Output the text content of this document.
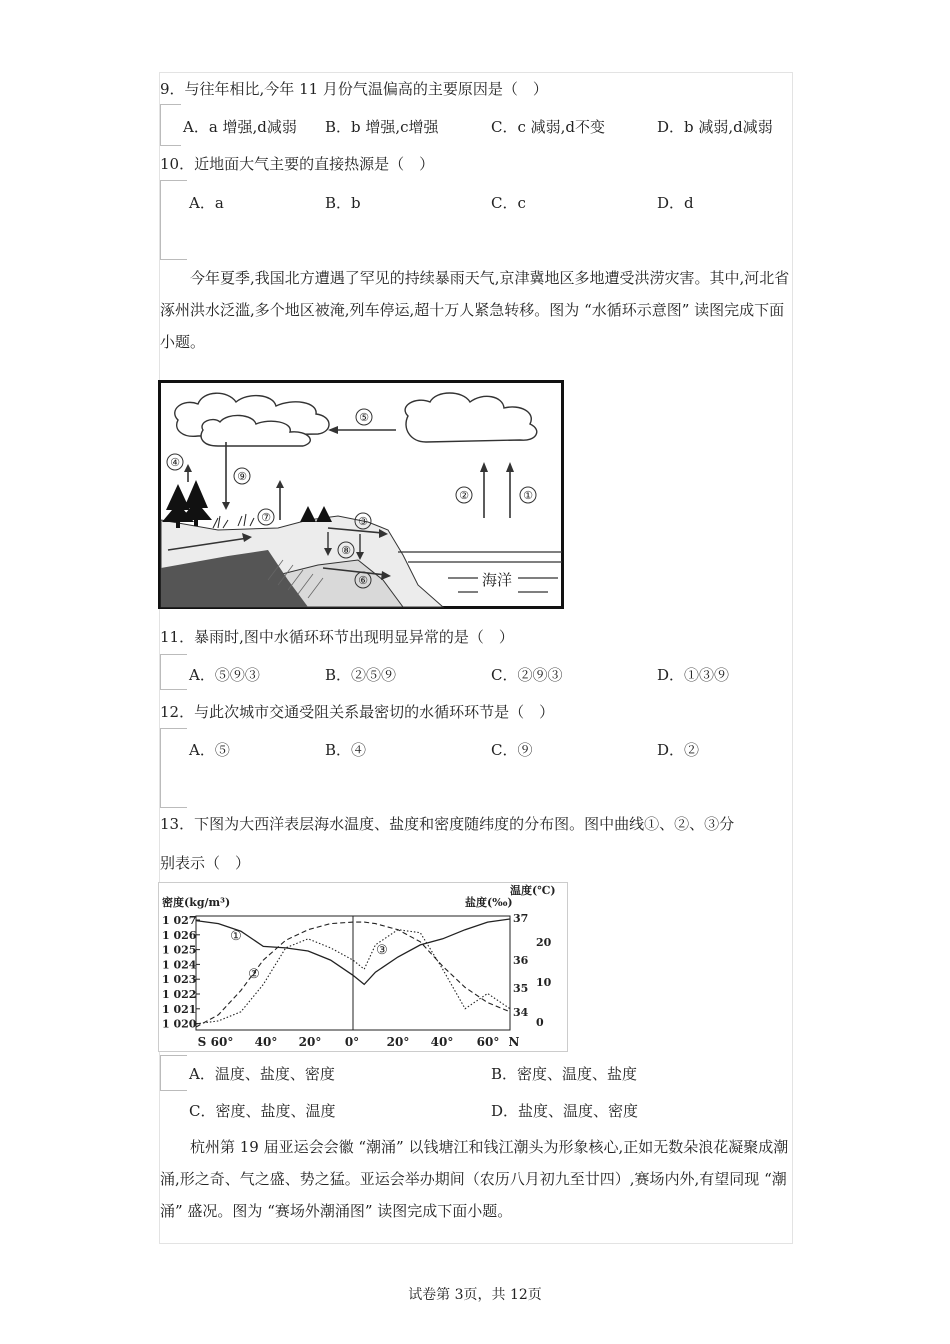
9．与往年相比,今年 11 月份气温偏高的主要原因是（　）
A．a 增强,d减弱 B．b 增强,c增强	C．c 减弱,d不变	D．b 减弱,d减弱
10．近地面大气主要的直接热源是（　）
A．a	B．b	C．c	D．d
今年夏季,我国北方遭遇了罕见的持续暴雨天气,京津冀地区多地遭受洪涝灾害。其中,河北省涿州洪水泛滥,多个地区被淹,列车停运,超十万人紧急转移。图为 “水循环示意图” 读图完成下面小题。
⑤
④
⑨
⑦
②	①
海洋
③
⑧
⑥
11．暴雨时,图中水循环环节出现明显异常的是（　）
A．⑤⑨③	B．②⑤⑨	C．②⑨③	D．①③⑨
12．与此次城市交通受阻关系最密切的水循环环节是（　）
A．⑤	B．④	C．⑨	D．②
13．下图为大西洋表层海水温度、盐度和密度随纬度的分布图。图中曲线①、②、③分
别表示（　）
密度(kg/m³)	盐度(‰)
温度(℃)
1 027
1 026
1 025
1 024
1 023
1 022
1 021
1 020
37
36
35
34
20
10
0
S 60° 40° 20° 0° 20° 40° 60° N
①
②
③
A．温度、盐度、密度	B．密度、温度、盐度
C．密度、盐度、温度	D．盐度、温度、密度
杭州第 19 届亚运会会徽 “潮涌” 以钱塘江和钱江潮头为形象核心,正如无数朵浪花凝聚成潮涌,形之奇、气之盛、势之猛。亚运会举办期间（农历八月初九至廿四）,赛场内外,有望同现 “潮涌” 盛况。图为 “赛场外潮涌图” 读图完成下面小题。
试卷第 3页，共 12页
